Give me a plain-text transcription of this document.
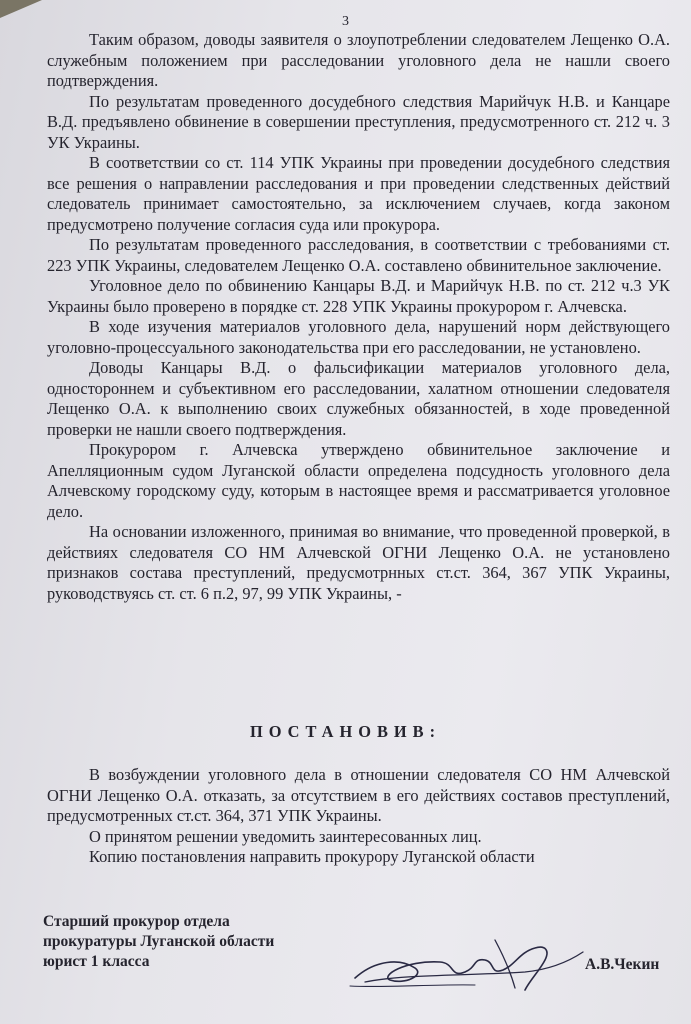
3

Таким образом, доводы заявителя о злоупотреблении следователем Лещенко О.А. служебным положением при расследовании уголовного дела не нашли своего подтверждения.

По результатам проведенного досудебного следствия Марийчук Н.В. и Канцаре В.Д. предъявлено обвинение в совершении преступления, предусмотренного ст. 212 ч. 3 УК Украины.

В соответствии со ст. 114 УПК Украины при проведении досудебного следствия все решения о направлении расследования и при проведении следственных действий следователь принимает самостоятельно, за исключением случаев, когда законом предусмотрено получение согласия суда или прокурора.

По результатам проведенного расследования, в соответствии с требованиями ст. 223 УПК Украины, следователем Лещенко О.А. составлено обвинительное заключение.

Уголовное дело по обвинению Канцары В.Д. и Марийчук Н.В. по ст. 212 ч.3 УК Украины было проверено в порядке ст. 228 УПК Украины прокурором г. Алчевска.

В ходе изучения материалов уголовного дела, нарушений норм действующего уголовно-процессуального законодательства при его расследовании, не установлено.

Доводы Канцары В.Д. о фальсификации материалов уголовного дела, одностороннем и субъективном его расследовании, халатном отношении следователя Лещенко О.А. к выполнению своих служебных обязанностей, в ходе проведенной проверки не нашли своего подтверждения.

Прокурором г. Алчевска утверждено обвинительное заключение и Апелляционным судом Луганской области определена подсудность уголовного дела Алчевскому городскому суду, которым в настоящее время и рассматривается уголовное дело.

На основании изложенного, принимая во внимание, что проведенной проверкой, в действиях следователя СО НМ Алчевской ОГНИ Лещенко О.А. не установлено признаков состава преступлений, предусмотрнных ст.ст. 364, 367 УПК Украины, руководствуясь ст. ст. 6 п.2, 97, 99 УПК Украины, -

ПОСТАНОВИВ:

В возбуждении уголовного дела в отношении следователя СО НМ Алчевской ОГНИ Лещенко О.А. отказать, за отсутствием в его действиях составов преступлений, предусмотренных ст.ст. 364, 371 УПК Украины.

О принятом решении уведомить заинтересованных лиц.

Копию постановления направить прокурору Луганской области

Старший прокурор отдела
прокуратуры Луганской области
юрист 1 класса	А.В.Чекин
